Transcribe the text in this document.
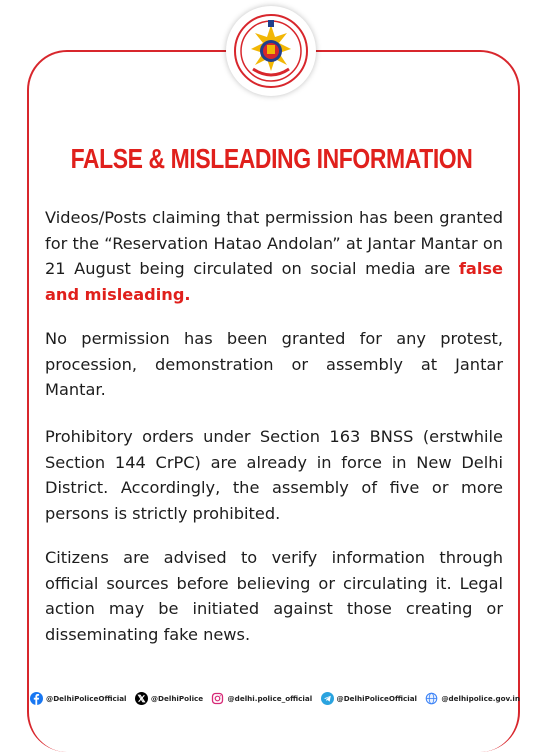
FALSE & MISLEADING INFORMATION

Videos/Posts claiming that permission has been granted for the “Reservation Hatao Andolan” at Jantar Mantar on 21 August being circulated on social media are false and misleading.

No permission has been granted for any protest, procession, demonstration or assembly at Jantar Mantar.

Prohibitory orders under Section 163 BNSS (erstwhile Section 144 CrPC) are already in force in New Delhi District. Accordingly, the assembly of five or more persons is strictly prohibited.

Citizens are advised to verify information through official sources before believing or circulating it. Legal action may be initiated against those creating or disseminating fake news.

@DelhiPoliceOfficial	@DelhiPolice	@delhi.police_official	@DelhiPoliceOfficial	@delhipolice.gov.in
